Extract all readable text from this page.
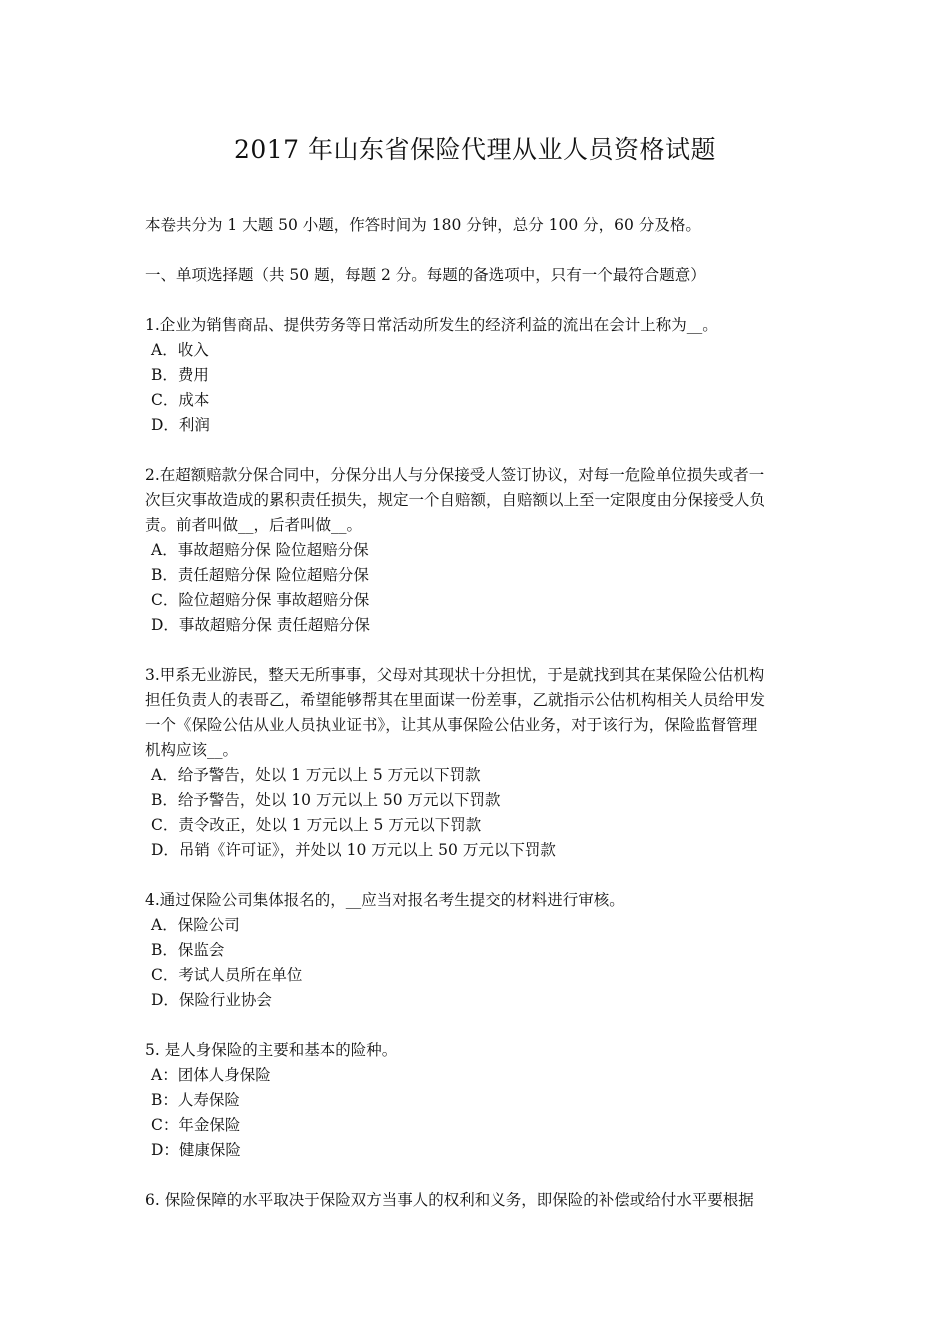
2017 年山东省保险代理从业人员资格试题
本卷共分为 1 大题 50 小题，作答时间为 180 分钟，总分 100 分，60 分及格。
一、单项选择题（共 50 题，每题 2 分。每题的备选项中，只有一个最符合题意）
1.企业为销售商品、提供劳务等日常活动所发生的经济利益的流出在会计上称为__。
A．收入
B．费用
C．成本
D．利润
2.在超额赔款分保合同中，分保分出人与分保接受人签订协议，对每一危险单位损失或者一
次巨灾事故造成的累积责任损失，规定一个自赔额，自赔额以上至一定限度由分保接受人负
责。前者叫做__，后者叫做__。
A．事故超赔分保 险位超赔分保
B．责任超赔分保 险位超赔分保
C．险位超赔分保 事故超赔分保
D．事故超赔分保 责任超赔分保
3.甲系无业游民，整天无所事事，父母对其现状十分担忧，于是就找到其在某保险公估机构
担任负责人的表哥乙，希望能够帮其在里面谋一份差事，乙就指示公估机构相关人员给甲发
一个《保险公估从业人员执业证书》，让其从事保险公估业务，对于该行为，保险监督管理
机构应该__。
A．给予警告，处以 1 万元以上 5 万元以下罚款
B．给予警告，处以 10 万元以上 50 万元以下罚款
C．责令改正，处以 1 万元以上 5 万元以下罚款
D．吊销《许可证》，并处以 10 万元以上 50 万元以下罚款
4.通过保险公司集体报名的，__应当对报名考生提交的材料进行审核。
A．保险公司
B．保监会
C．考试人员所在单位
D．保险行业协会
5. 是人身保险的主要和基本的险种。
A：团体人身保险
B：人寿保险
C：年金保险
D：健康保险
6. 保险保障的水平取决于保险双方当事人的权利和义务，即保险的补偿或给付水平要根据
